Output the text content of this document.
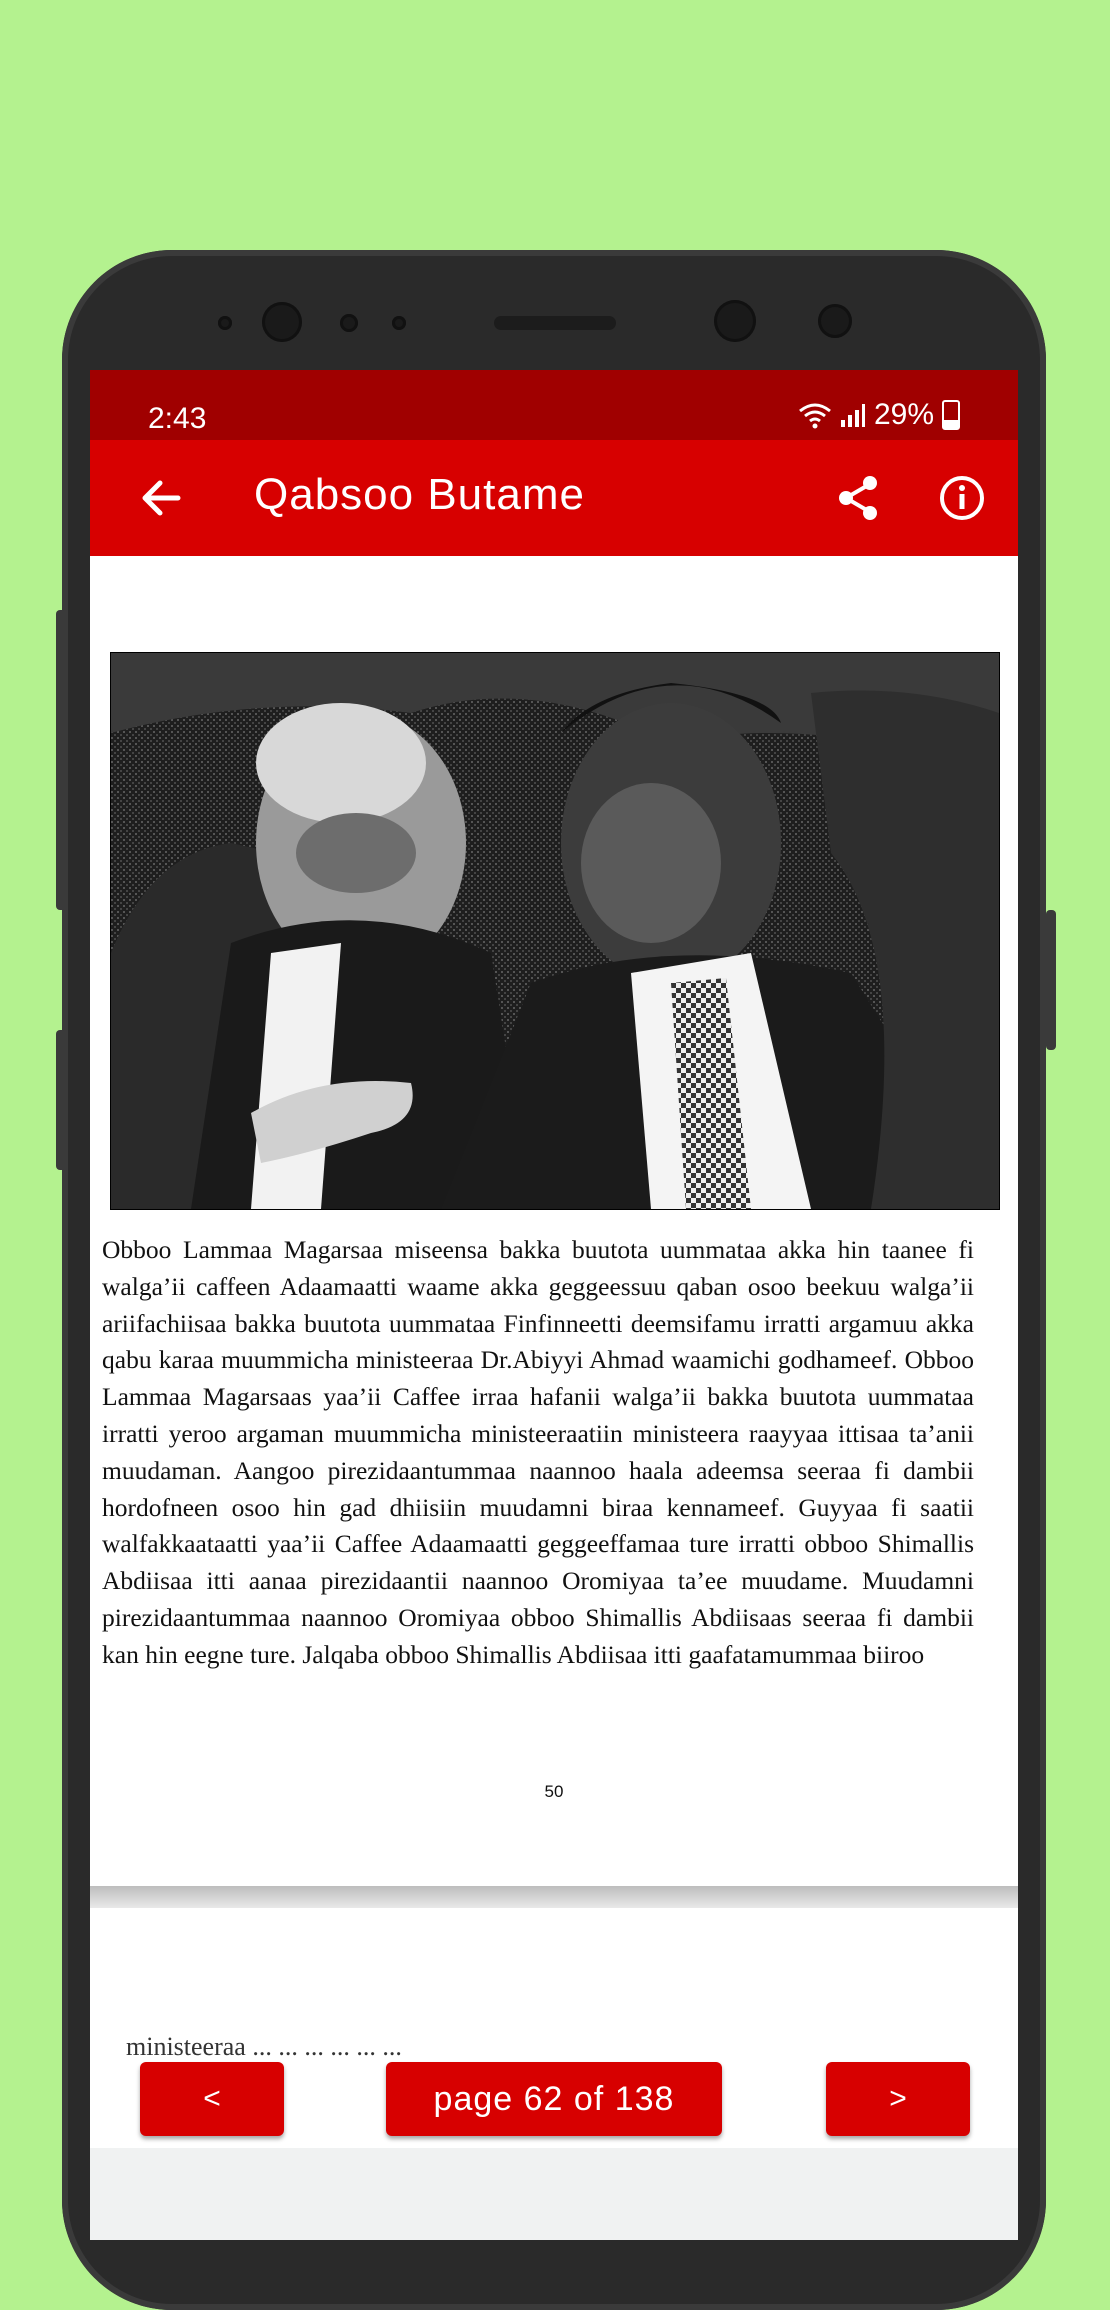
2:43	29%
Qabsoo Butame
Obboo Lammaa Magarsaa miseensa bakka buutota uummataa akka hin taanee fi walga’ii caffeen Adaamaatti waame akka geggeessuu qaban osoo beekuu walga’ii ariifachiisaa bakka buutota uummataa Finfinneetti deemsifamu irratti argamuu akka qabu karaa muummicha ministeeraa Dr.Abiyyi Ahmad waamichi godhameef. Obboo Lammaa Magarsaas yaa’ii Caffee irraa hafanii walga’ii bakka buutota uummataa irratti yeroo argaman muummicha ministeeraatiin ministeera raayyaa ittisaa ta’anii muudaman. Aangoo pirezidaantummaa naannoo haala adeemsa seeraa fi dambii hordofneen osoo hin gad dhiisiin muudamni biraa kennameef. Guyyaa fi saatii walfakkaataatti yaa’ii Caffee Adaamaatti geggeeffamaa ture irratti obboo Shimallis Abdiisaa itti aanaa pirezidaantii naannoo Oromiyaa ta’ee muudame. Muudamni pirezidaantummaa naannoo Oromiyaa obboo Shimallis Abdiisaas seeraa fi dambii kan hin eegne ture. Jalqaba obboo Shimallis Abdiisaa itti gaafatamummaa biiroo
50
ministeeraa ... ... ... ... ... ...
<	page 62 of 138	>
